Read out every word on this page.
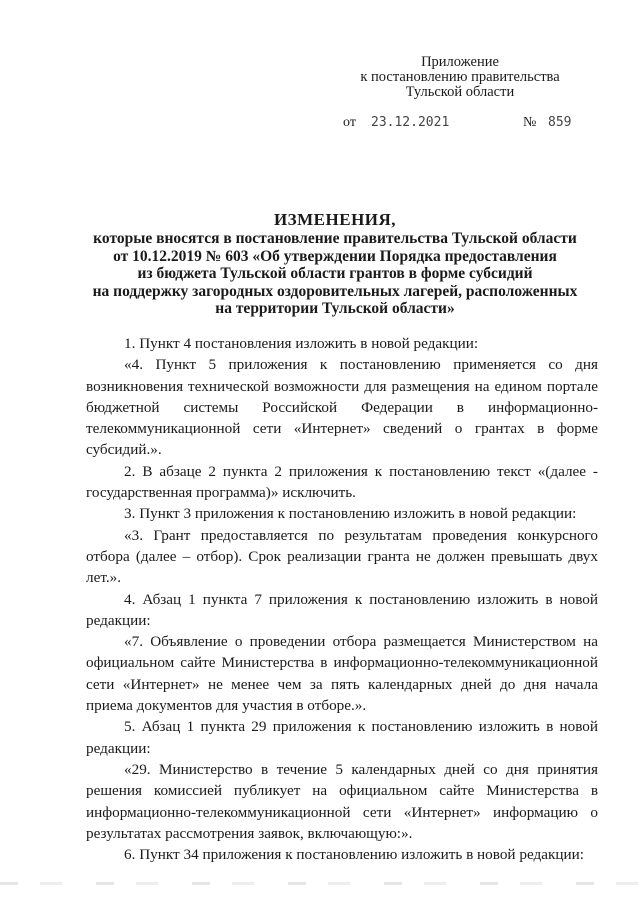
Приложение
к постановлению правительства
Тульской области
от 23.12.2021	№ 859
ИЗМЕНЕНИЯ,
которые вносятся в постановление правительства Тульской области
от 10.12.2019 № 603 «Об утверждении Порядка предоставления
из бюджета Тульской области грантов в форме субсидий
на поддержку загородных оздоровительных лагерей, расположенных
на территории Тульской области»

1. Пункт 4 постановления изложить в новой редакции:

«4. Пункт 5 приложения к постановлению применяется со дня возникновения технической возможности для размещения на едином портале бюджетной системы Российской Федерации в информационно-телекоммуникационной сети «Интернет» сведений о грантах в форме субсидий.».

2. В абзаце 2 пункта 2 приложения к постановлению текст «(далее - государственная программа)» исключить.

3. Пункт 3 приложения к постановлению изложить в новой редакции:

«3. Грант предоставляется по результатам проведения конкурсного отбора (далее – отбор). Срок реализации гранта не должен превышать двух лет.».

4. Абзац 1 пункта 7 приложения к постановлению изложить в новой редакции:

«7. Объявление о проведении отбора размещается Министерством на официальном сайте Министерства в информационно-телекоммуникационной сети «Интернет» не менее чем за пять календарных дней до дня начала приема документов для участия в отборе.».

5. Абзац 1 пункта 29 приложения к постановлению изложить в новой редакции:

«29. Министерство в течение 5 календарных дней со дня принятия решения комиссией публикует на официальном сайте Министерства в информационно-телекоммуникационной сети «Интернет» информацию о результатах рассмотрения заявок, включающую:».

6. Пункт 34 приложения к постановлению изложить в новой редакции:
